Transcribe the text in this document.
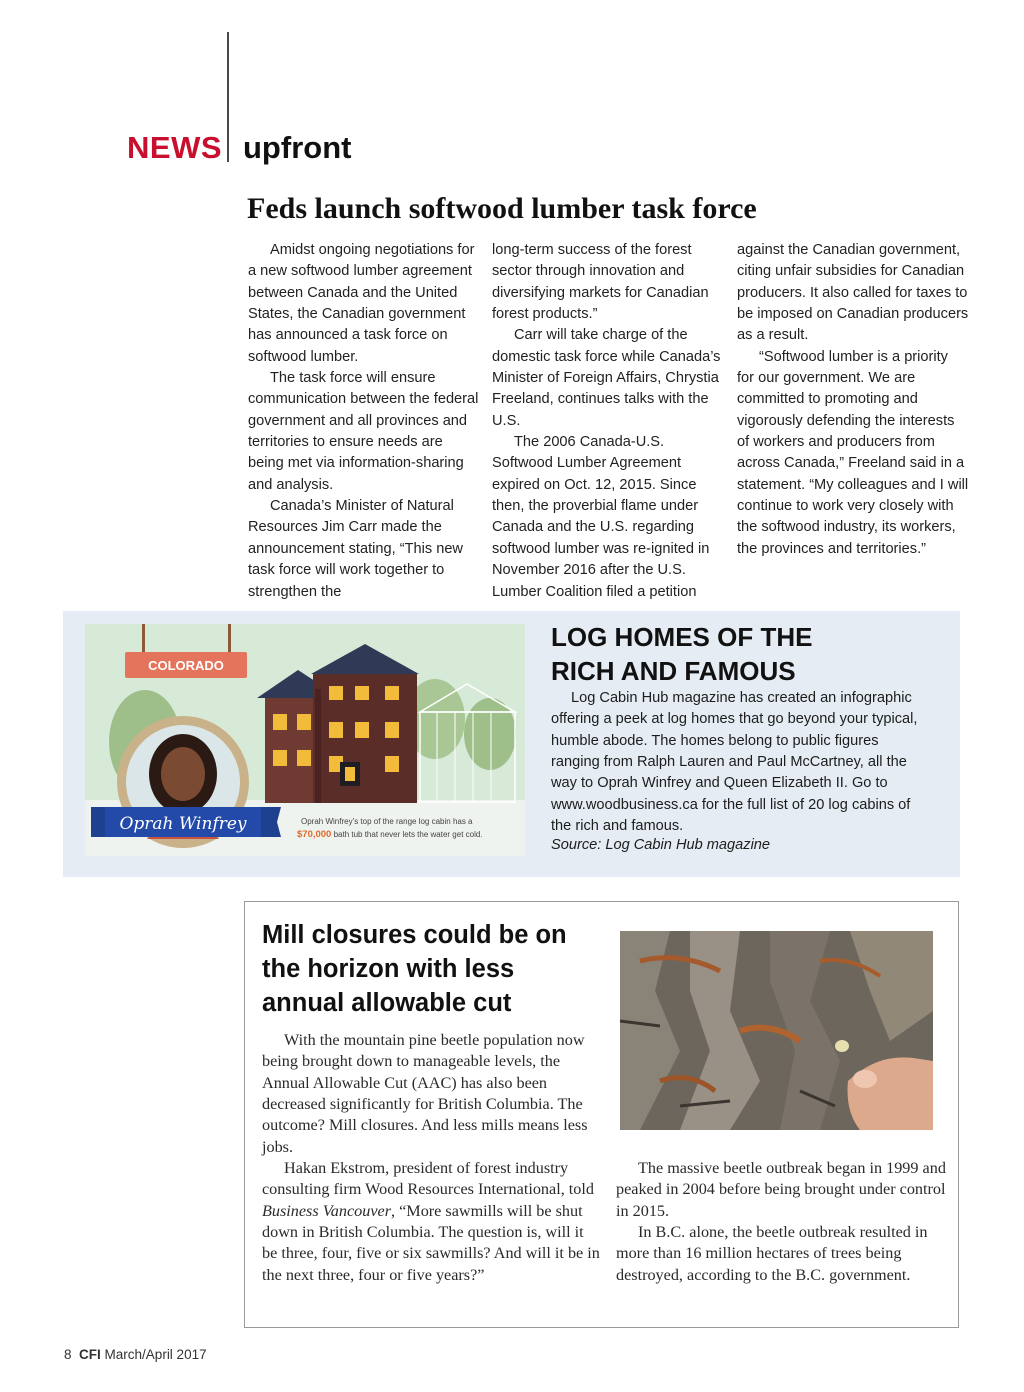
NEWS upfront
Feds launch softwood lumber task force

Amidst ongoing negotiations for a new softwood lumber agreement between Canada and the United States, the Canadian government has announced a task force on softwood lumber.

The task force will ensure communication between the federal government and all provinces and territories to ensure needs are being met via information-sharing and analysis.

Canada’s Minister of Natural Resources Jim Carr made the announcement stating, “This new task force will work together to strengthen the

long-term success of the forest sector through innovation and diversifying markets for Canadian forest products.”

Carr will take charge of the domestic task force while Canada’s Minister of Foreign Affairs, Chrystia Freeland, continues talks with the U.S.

The 2006 Canada-U.S. Softwood Lumber Agreement expired on Oct. 12, 2015. Since then, the proverbial flame under Canada and the U.S. regarding softwood lumber was re-ignited in November 2016 after the U.S. Lumber Coalition filed a petition

against the Canadian government, citing unfair subsidies for Canadian producers. It also called for taxes to be imposed on Canadian producers as a result.

“Softwood lumber is a priority for our government. We are committed to promoting and vigorously defending the interests of workers and producers from across Canada,” Freeland said in a statement. “My colleagues and I will continue to work very closely with the softwood industry, its workers, the provinces and territories.”

COLORADO
Oprah Winfrey	Oprah Winfrey’s top of the range log cabin has a
$70,000 bath tub that never lets the water get cold.
LOG HOMES OF THE
RICH AND FAMOUS

Log Cabin Hub magazine has created an infographic offering a peek at log homes that go beyond your typical, humble abode. The homes belong to public figures ranging from Ralph Lauren and Paul McCartney, all the way to Oprah Winfrey and Queen Elizabeth II. Go to www.woodbusiness.ca for the full list of 20 log cabins of the rich and famous.

Source: Log Cabin Hub magazine
Mill closures could be on the horizon with less annual allowable cut

With the mountain pine beetle population now being brought down to manageable levels, the Annual Allowable Cut (AAC) has also been decreased significantly for British Columbia. The outcome? Mill closures. And less mills means less jobs.

Hakan Ekstrom, president of forest industry consulting firm Wood Resources International, told Business Vancouver, “More sawmills will be shut down in British Columbia. The question is, will it be three, four, five or six sawmills? And will it be in the next three, four or five years?”

The massive beetle outbreak began in 1999 and peaked in 2004 before being brought under control in 2015.

In B.C. alone, the beetle outbreak resulted in more than 16 million hectares of trees being destroyed, according to the B.C. government.

8 CFI March/April 2017
